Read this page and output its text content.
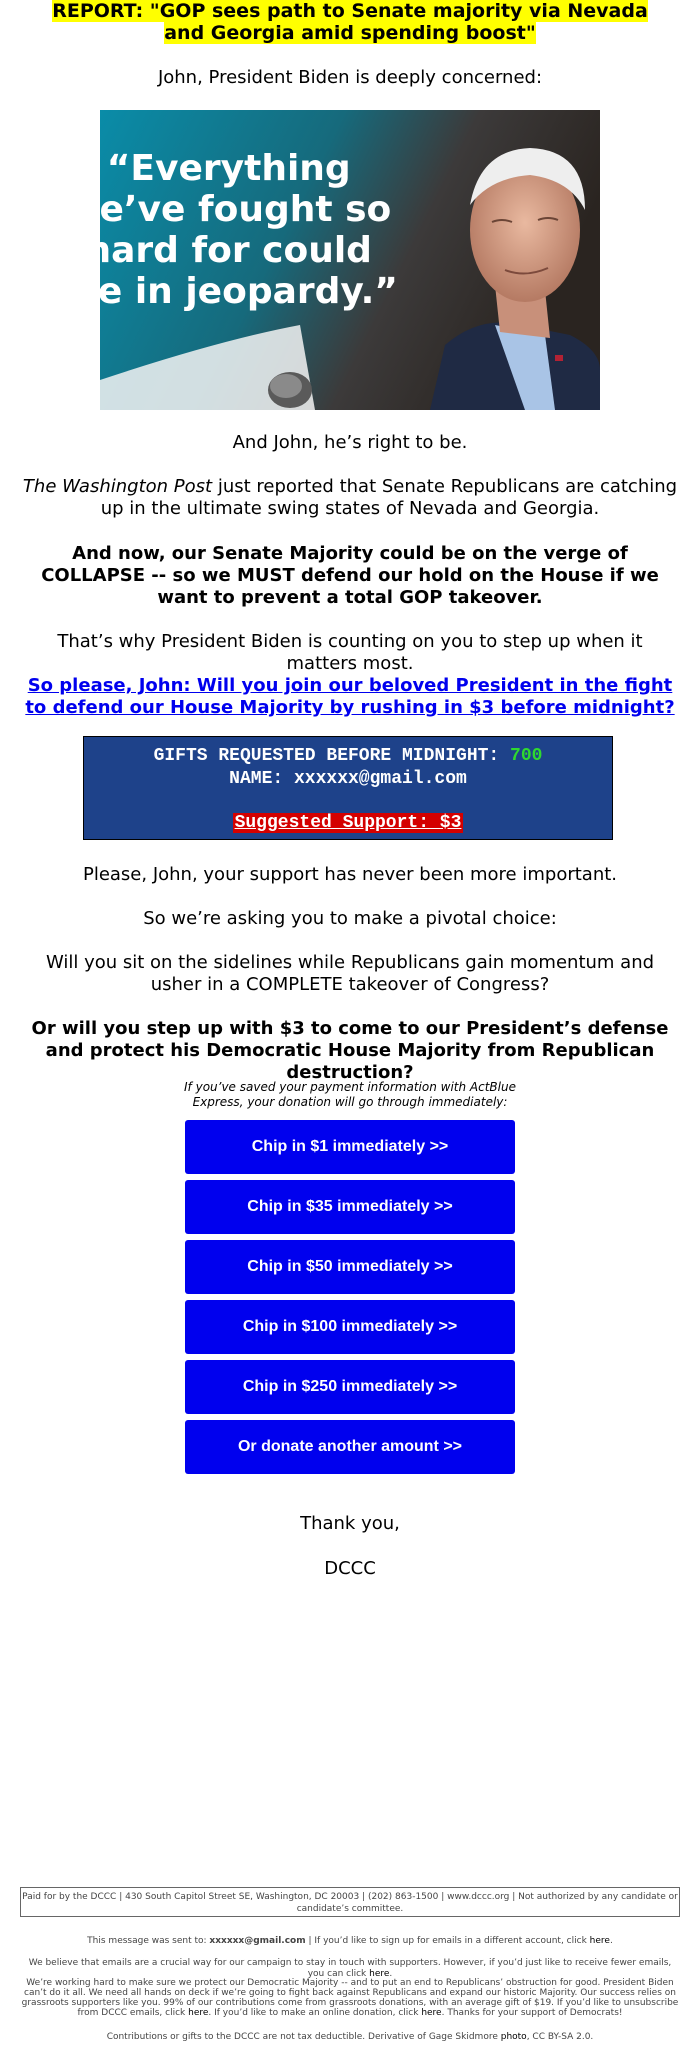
REPORT: "GOP sees path to Senate majority via Nevada and Georgia amid spending boost"
John, President Biden is deeply concerned:
“Everything we’ve fought so hard for could be in jeopardy.”
And John, he’s right to be.
The Washington Post just reported that Senate Republicans are catching up in the ultimate swing states of Nevada and Georgia.
And now, our Senate Majority could be on the verge of COLLAPSE -- so we MUST defend our hold on the House if we want to prevent a total GOP takeover.
That’s why President Biden is counting on you to step up when it matters most.
So please, John: Will you join our beloved President in the fight to defend our House Majority by rushing in $3 before midnight?
GIFTS REQUESTED BEFORE MIDNIGHT: 700
NAME: xxxxxx@gmail.com
Suggested Support: $3
Please, John, your support has never been more important.
So we’re asking you to make a pivotal choice:
Will you sit on the sidelines while Republicans gain momentum and usher in a COMPLETE takeover of Congress?
Or will you step up with $3 to come to our President’s defense and protect his Democratic House Majority from Republican destruction?
If you’ve saved your payment information with ActBlue Express, your donation will go through immediately:
Chip in $1 immediately >>
Chip in $35 immediately >>
Chip in $50 immediately >>
Chip in $100 immediately >>
Chip in $250 immediately >>
Or donate another amount >>
Thank you,
DCCC
Paid for by the DCCC | 430 South Capitol Street SE, Washington, DC 20003 | (202) 863-1500 | www.dccc.org | Not authorized by any candidate or candidate’s committee.
This message was sent to: xxxxxx@gmail.com | If you’d like to sign up for emails in a different account, click here.
We believe that emails are a crucial way for our campaign to stay in touch with supporters. However, if you’d just like to receive fewer emails, you can click here.
We’re working hard to make sure we protect our Democratic Majority -- and to put an end to Republicans’ obstruction for good. President Biden can’t do it all. We need all hands on deck if we’re going to fight back against Republicans and expand our historic Majority. Our success relies on grassroots supporters like you. 99% of our contributions come from grassroots donations, with an average gift of $19. If you’d like to unsubscribe from DCCC emails, click here. If you’d like to make an online donation, click here. Thanks for your support of Democrats!
Contributions or gifts to the DCCC are not tax deductible. Derivative of Gage Skidmore photo, CC BY-SA 2.0.
